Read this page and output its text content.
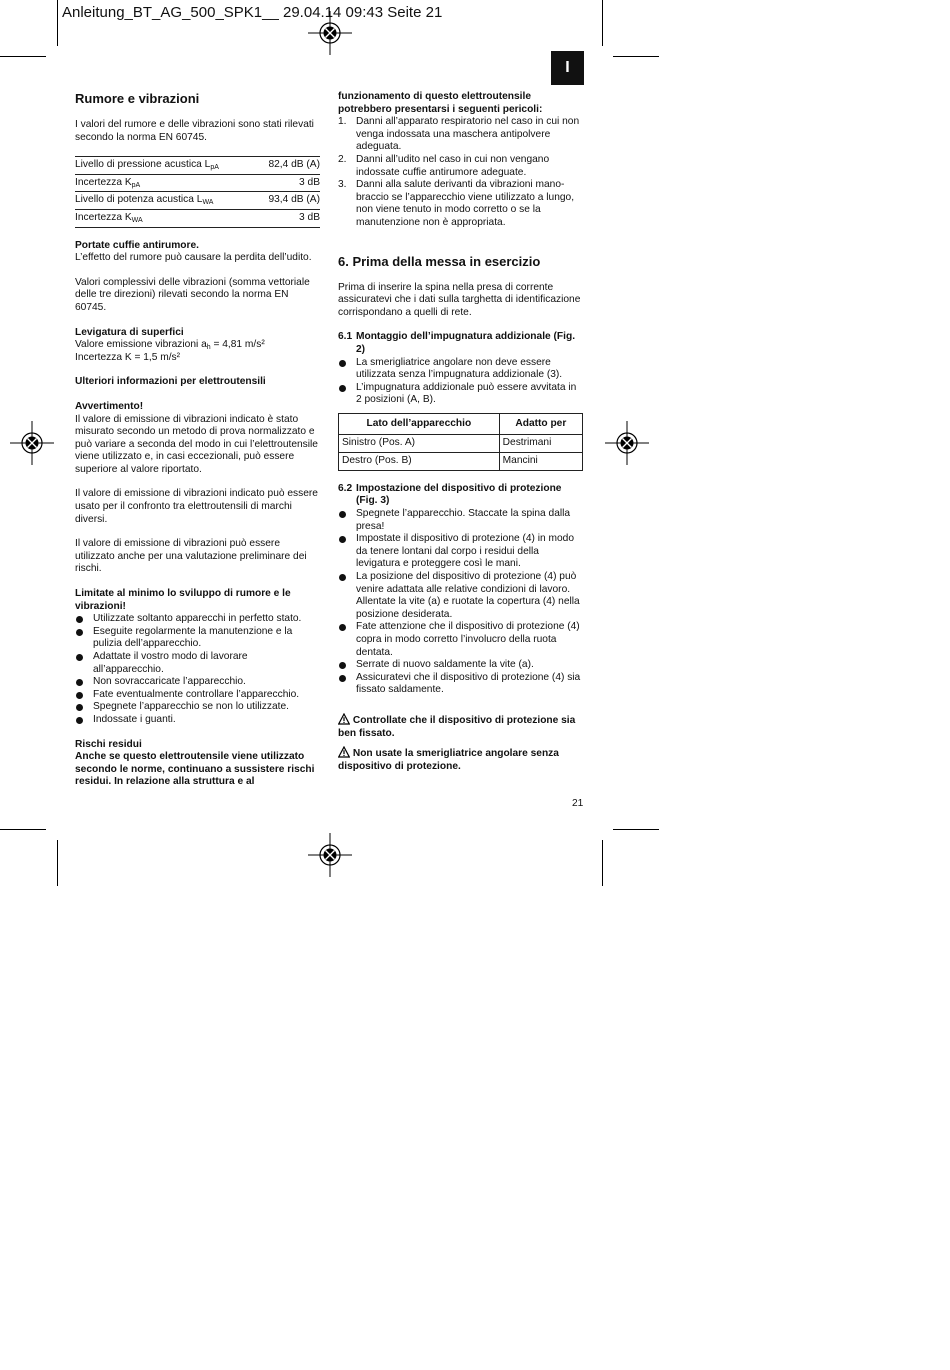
Anleitung_BT_AG_500_SPK1__ 29.04.14 09:43 Seite 21
I

Rumore e vibrazioni

I valori del rumore e delle vibrazioni sono stati rilevati secondo la norma EN 60745.

Livello di pressione acustica $L_{pA}$	82,4 dB (A)
Incertezza $K_{pA}$	3 dB
Livello di potenza acustica $L_{WA}$	93,4 dB (A)
Incertezza $K_{WA}$	3 dB

Portate cuffie antirumore.

L’effetto del rumore può causare la perdita dell’udito.

Valori complessivi delle vibrazioni (somma vettoriale delle tre direzioni) rilevati secondo la norma EN 60745.

Levigatura di superfici

Valore emissione vibrazioni $a_h = 4,81$ m/s²

Incertezza K = 1,5 m/s²

Ulteriori informazioni per elettroutensili

Avvertimento!

Il valore di emissione di vibrazioni indicato è stato misurato secondo un metodo di prova normalizzato e può variare a seconda del modo in cui l’elettroutensile viene utilizzato e, in casi eccezionali, può essere superiore al valore riportato.

Il valore di emissione di vibrazioni indicato può essere usato per il confronto tra elettroutensili di marchi diversi.

Il valore di emissione di vibrazioni può essere utilizzato anche per una valutazione preliminare dei rischi.

Limitate al minimo lo sviluppo di rumore e le vibrazioni!

Utilizzate soltanto apparecchi in perfetto stato.
Eseguite regolarmente la manutenzione e la pulizia dell’apparecchio.
Adattate il vostro modo di lavorare all’apparecchio.
Non sovraccaricate l’apparecchio.
Fate eventualmente controllare l’apparecchio.
Spegnete l’apparecchio se non lo utilizzate.
Indossate i guanti.

Rischi residui

Anche se questo elettroutensile viene utilizzato secondo le norme, continuano a sussistere rischi residui. In relazione alla struttura e al

funzionamento di questo elettroutensile potrebbero presentarsi i seguenti pericoli:

1. Danni all’apparato respiratorio nel caso in cui non venga indossata una maschera antipolvere adeguata.
2. Danni all’udito nel caso in cui non vengano indossate cuffie antirumore adeguate.
3. Danni alla salute derivanti da vibrazioni mano-braccio se l’apparecchio viene utilizzato a lungo, non viene tenuto in modo corretto o se la manutenzione non è appropriata.

6. Prima della messa in esercizio

Prima di inserire la spina nella presa di corrente assicuratevi che i dati sulla targhetta di identificazione corrispondano a quelli di rete.

6.1 Montaggio dell’impugnatura addizionale (Fig. 2)

La smerigliatrice angolare non deve essere utilizzata senza l’impugnatura addizionale (3).
L’impugnatura addizionale può essere avvitata in 2 posizioni (A, B).
Lato dell’apparecchio	Adatto per
Sinistro (Pos. A)	Destrimani
Destro (Pos. B)	Mancini

6.2 Impostazione del dispositivo di protezione (Fig. 3)

Spegnete l’apparecchio. Staccate la spina dalla presa!
Impostate il dispositivo di protezione (4) in modo da tenere lontani dal corpo i residui della levigatura e proteggere così le mani.
La posizione del dispositivo di protezione (4) può venire adattata alle relative condizioni di lavoro. Allentate la vite (a) e ruotate la copertura (4) nella posizione desiderata.
Fate attenzione che il dispositivo di protezione (4) copra in modo corretto l’involucro della ruota dentata.
Serrate di nuovo saldamente la vite (a).
Assicuratevi che il dispositivo di protezione (4) sia fissato saldamente.

Controllate che il dispositivo di protezione sia ben fissato.

Non usate la smerigliatrice angolare senza dispositivo di protezione.

21
